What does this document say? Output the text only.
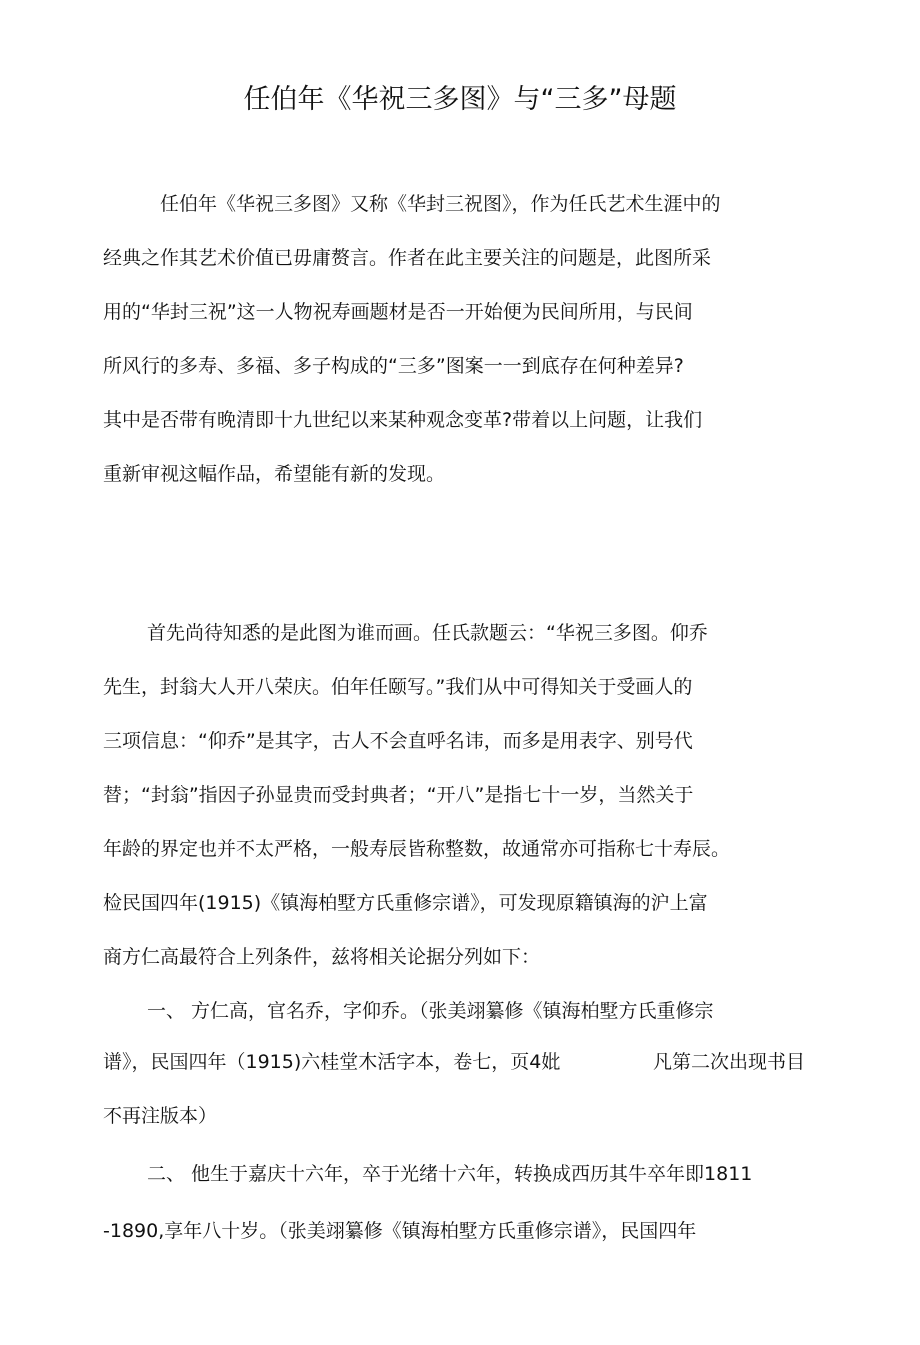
任伯年《华祝三多图》与“三多”母题
任伯年《华祝三多图》又称《华封三祝图》，作为任氏艺术生涯中的
经典之作其艺术价值已毋庸赘言。作者在此主要关注的问题是，此图所采
用的“华封三祝”这一人物祝寿画题材是否一开始便为民间所用，与民间
所风行的多寿、多福、多子构成的“三多”图案一一到底存在何种差异?
其中是否带有晚清即十九世纪以来某种观念变革?带着以上问题，让我们
重新审视这幅作品，希望能有新的发现。
首先尚待知悉的是此图为谁而画。任氏款题云：“华祝三多图。仰乔
先生，封翁大人开八荣庆。伯年任颐写。”我们从中可得知关于受画人的
三项信息：“仰乔”是其字，古人不会直呼名讳，而多是用表字、别号代
替；“封翁”指因子孙显贵而受封典者；“开八”是指七十一岁，当然关于
年龄的界定也并不太严格，一般寿辰皆称整数，故通常亦可指称七十寿辰。
检民国四年(1915)《镇海柏墅方氏重修宗谱》，可发现原籍镇海的沪上富
商方仁高最符合上列条件，兹将相关论据分列如下：
一、 方仁高，官名乔，字仰乔。（张美翊纂修《镇海柏墅方氏重修宗
谱》，民国四年（1915)六桂堂木活字本，卷七，页4妣	凡第二次出现书目
不再注版本）
二、 他生于嘉庆十六年，卒于光绪十六年，转换成西历其牛卒年即1811
-1890,享年八十岁。（张美翊纂修《镇海柏墅方氏重修宗谱》，民国四年
